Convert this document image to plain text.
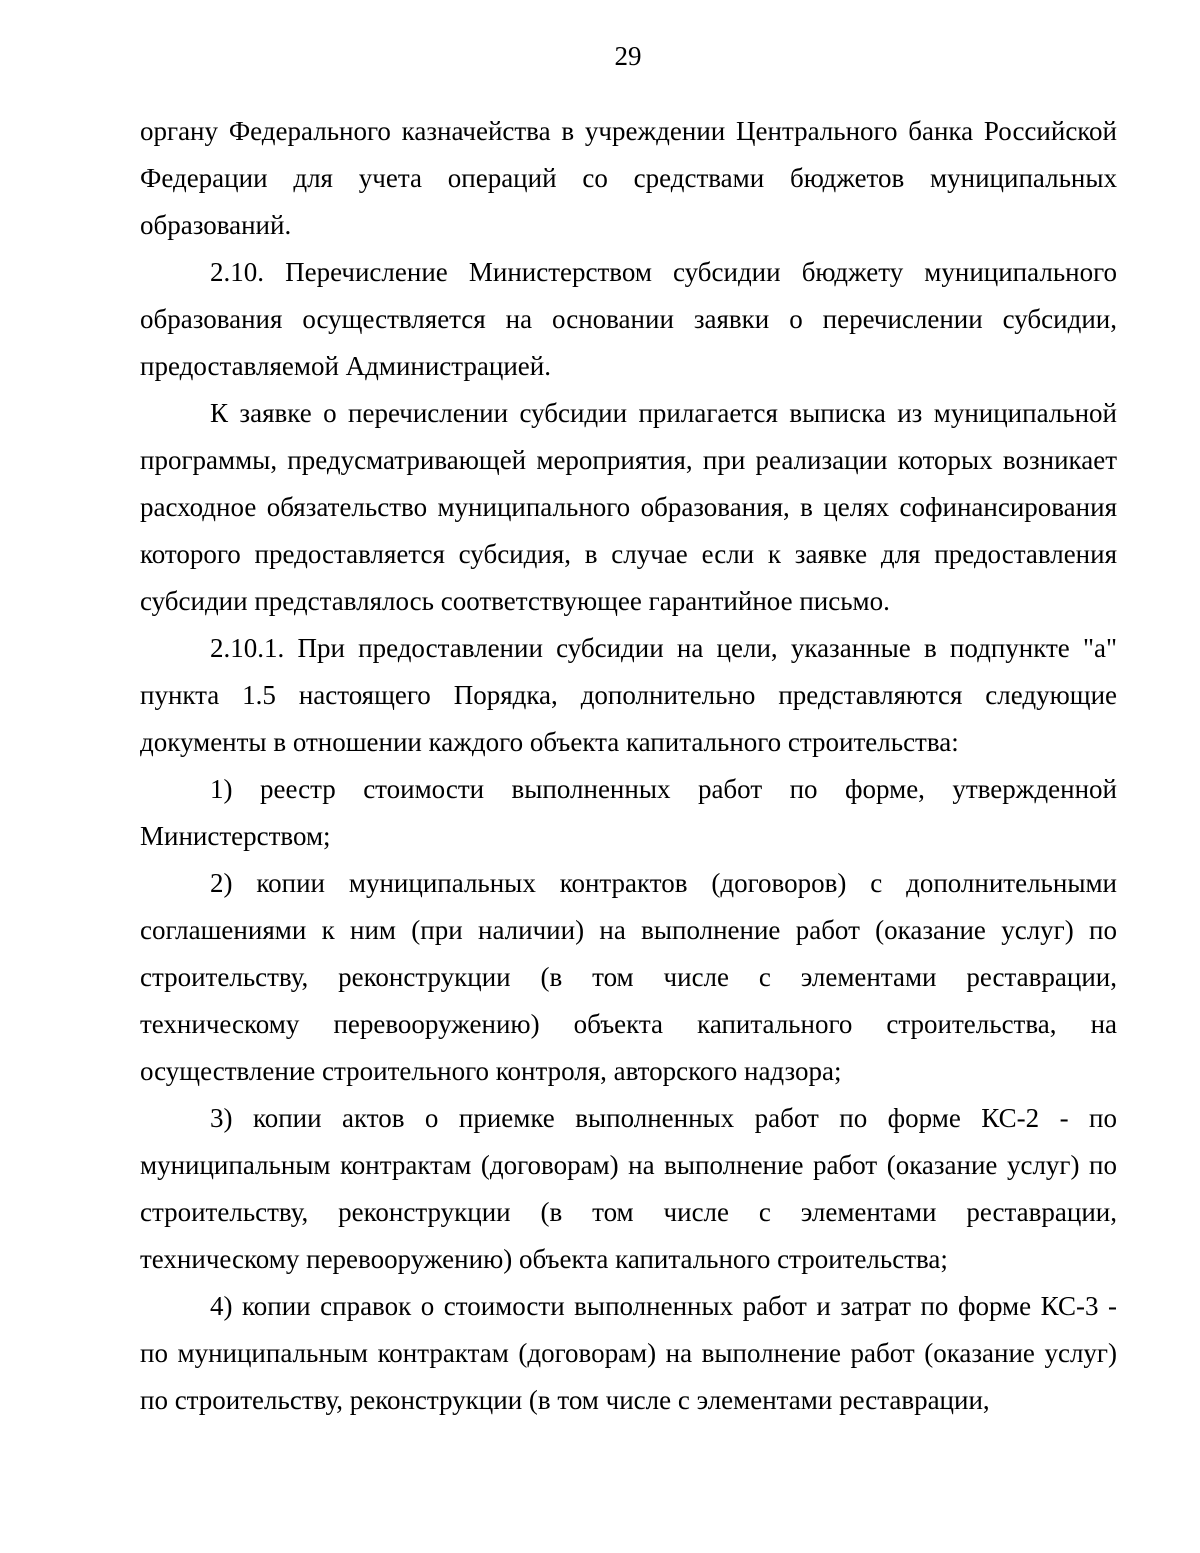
29

органу Федерального казначейства в учреждении Центрального банка Российской Федерации для учета операций со средствами бюджетов муниципальных образований.

2.10. Перечисление Министерством субсидии бюджету муниципального образования осуществляется на основании заявки о перечислении субсидии, предоставляемой Администрацией.

К заявке о перечислении субсидии прилагается выписка из муниципальной программы, предусматривающей мероприятия, при реализации которых возникает расходное обязательство муниципального образования, в целях софинансирования которого предоставляется субсидия, в случае если к заявке для предоставления субсидии представлялось соответствующее гарантийное письмо.

2.10.1. При предоставлении субсидии на цели, указанные в подпункте "а" пункта 1.5 настоящего Порядка, дополнительно представляются следующие документы в отношении каждого объекта капитального строительства:

1) реестр стоимости выполненных работ по форме, утвержденной Министерством;

2) копии муниципальных контрактов (договоров) с дополнительными соглашениями к ним (при наличии) на выполнение работ (оказание услуг) по строительству, реконструкции (в том числе с элементами реставрации, техническому перевооружению) объекта капитального строительства, на осуществление строительного контроля, авторского надзора;

3) копии актов о приемке выполненных работ по форме КС-2 - по муниципальным контрактам (договорам) на выполнение работ (оказание услуг) по строительству, реконструкции (в том числе с элементами реставрации, техническому перевооружению) объекта капитального строительства;

4) копии справок о стоимости выполненных работ и затрат по форме КС-3 - по муниципальным контрактам (договорам) на выполнение работ (оказание услуг) по строительству, реконструкции (в том числе с элементами реставрации,
